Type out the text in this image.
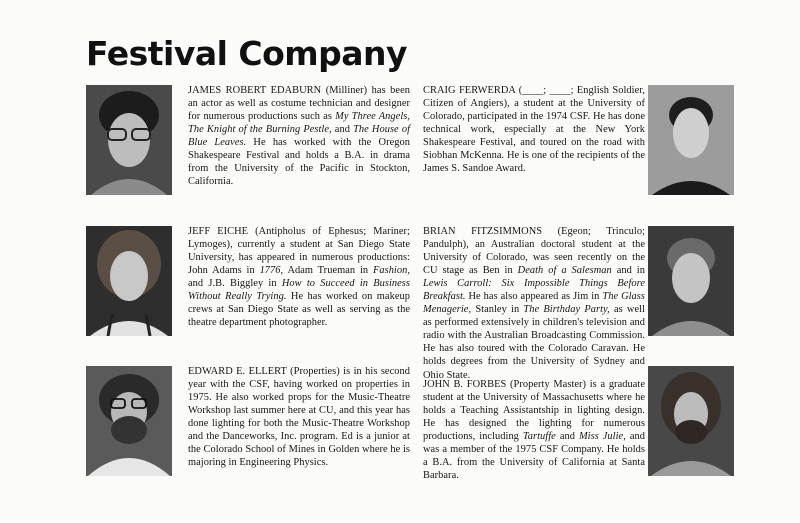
Festival Company
JAMES ROBERT EDABURN (Milliner) has been an actor as well as costume technician and designer for numerous productions such as My Three Angels, The Knight of the Burning Pestle, and The House of Blue Leaves. He has worked with the Oregon Shakespeare Festival and holds a B.A. in drama from the University of the Pacific in Stockton, California.
JEFF EICHE (Antipholus of Ephesus; Mariner; Lymoges), currently a student at San Diego State University, has appeared in numerous productions: John Adams in 1776, Adam Trueman in Fashion, and J.B. Biggley in How to Succeed in Business Without Really Trying. He has worked on makeup crews at San Diego State as well as serving as the theatre department photographer.
EDWARD E. ELLERT (Properties) is in his second year with the CSF, having worked on properties in 1975. He also worked props for the Music-Theatre Workshop last summer here at CU, and this year has done lighting for both the Music-Theatre Workshop and the Danceworks, Inc. program. Ed is a junior at the Colorado School of Mines in Golden where he is majoring in Engineering Physics.
CRAIG FERWERDA (____; ____; English Soldier, Citizen of Angiers), a student at the University of Colorado, participated in the 1974 CSF. He has done technical work, especially at the New York Shakespeare Festival, and toured on the road with Siobhan McKenna. He is one of the recipients of the James S. Sandoe Award.
BRIAN FITZSIMMONS (Egeon; Trinculo; Pandulph), an Australian doctoral student at the University of Colorado, was seen recently on the CU stage as Ben in Death of a Salesman and in Lewis Carroll: Six Impossible Things Before Breakfast. He has also appeared as Jim in The Glass Menagerie, Stanley in The Birthday Party, as well as performed extensively in children's television and radio with the Australian Broadcasting Commission. He has also toured with the Colorado Caravan. He holds degrees from the University of Sydney and Ohio State.
JOHN B. FORBES (Property Master) is a graduate student at the University of Massachusetts where he holds a Teaching Assistantship in lighting design. He has designed the lighting for numerous productions, including Tartuffe and Miss Julie, and was a member of the 1975 CSF Company. He holds a B.A. from the University of California at Santa Barbara.
